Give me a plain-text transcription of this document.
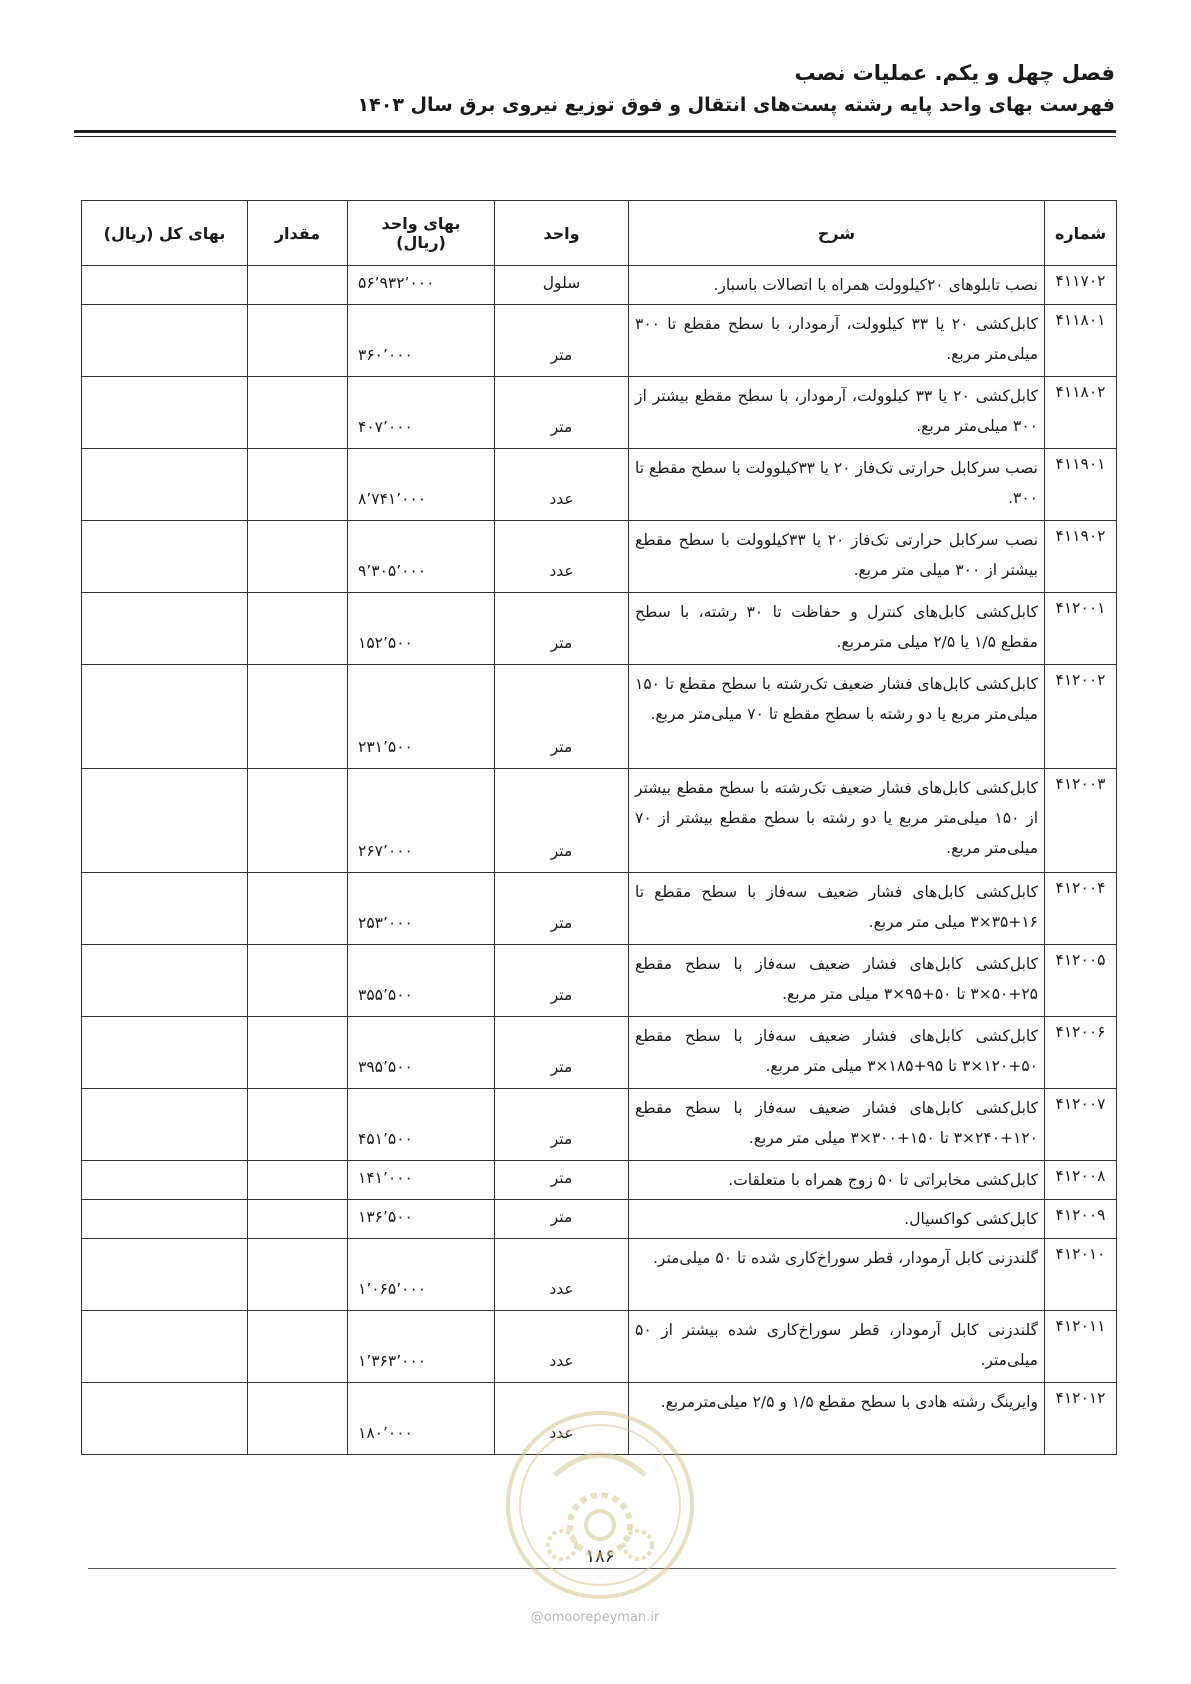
فصل چهل و یکم. عملیات نصب
فهرست بهای واحد پایه رشته پست‌های انتقال و فوق توزیع نیروی برق سال ۱۴۰۳
شماره	شرح	واحد	بهای واحد (ریال)	مقدار	بهای کل (ریال)
۴۱۱۷۰۲	نصب تابلوهای ۲۰کیلوولت همراه با اتصالات باسبار.	سلول	۵۶٬۹۳۲٬۰۰۰		
۴۱۱۸۰۱	کابل‌کشی ۲۰ یا ۳۳ کیلوولت، آرمودار، با سطح مقطع تا ۳۰۰ میلی‌متر مربع.	متر	۳۶۰٬۰۰۰		
۴۱۱۸۰۲	کابل‌کشی ۲۰ یا ۳۳ کیلوولت، آرمودار، با سطح مقطع بیشتر از ۳۰۰ میلی‌متر مربع.	متر	۴۰۷٬۰۰۰		
۴۱۱۹۰۱	نصب سرکابل حرارتی تک‌فاز ۲۰ یا ۳۳کیلوولت با سطح مقطع تا ۳۰۰.	عدد	۸٬۷۴۱٬۰۰۰		
۴۱۱۹۰۲	نصب سرکابل حرارتی تک‌فاز ۲۰ یا ۳۳کیلوولت با سطح مقطع بیشتر از ۳۰۰ میلی متر مربع.	عدد	۹٬۳۰۵٬۰۰۰		
۴۱۲۰۰۱	کابل‌کشی کابل‌های کنترل و حفاظت تا ۳۰ رشته، با سطح مقطع ۱/۵ یا ۲/۵ میلی مترمربع.	متر	۱۵۲٬۵۰۰		
۴۱۲۰۰۲	کابل‌کشی کابل‌های فشار ضعیف تک‌رشته با سطح مقطع تا ۱۵۰ میلی‌متر مربع یا دو رشته با سطح مقطع تا ۷۰ میلی‌متر مربع.	متر	۲۳۱٬۵۰۰		
۴۱۲۰۰۳	کابل‌کشی کابل‌های فشار ضعیف تک‌رشته با سطح مقطع بیشتر از ۱۵۰ میلی‌متر مربع یا دو رشته با سطح مقطع بیشتر از ۷۰ میلی‌متر مربع.	متر	۲۶۷٬۰۰۰		
۴۱۲۰۰۴	کابل‌کشی کابل‌های فشار ضعیف سه‌فاز با سطح مقطع تا ۱۶+۳۵×۳ میلی متر مربع.	متر	۲۵۳٬۰۰۰		
۴۱۲۰۰۵	کابل‌کشی کابل‌های فشار ضعیف سه‌فاز با سطح مقطع ۲۵+۵۰×۳ تا ۵۰+۹۵×۳ میلی متر مربع.	متر	۳۵۵٬۵۰۰		
۴۱۲۰۰۶	کابل‌کشی کابل‌های فشار ضعیف سه‌فاز با سطح مقطع ۵۰+۱۲۰×۳ تا ۹۵+۱۸۵×۳ میلی متر مربع.	متر	۳۹۵٬۵۰۰		
۴۱۲۰۰۷	کابل‌کشی کابل‌های فشار ضعیف سه‌فاز با سطح مقطع ۱۲۰+۲۴۰×۳ تا ۱۵۰+۳۰۰×۳ میلی متر مربع.	متر	۴۵۱٬۵۰۰		
۴۱۲۰۰۸	کابل‌کشی مخابراتی تا ۵۰ زوج همراه با متعلقات.	متر	۱۴۱٬۰۰۰		
۴۱۲۰۰۹	کابل‌کشی کواکسیال.	متر	۱۳۶٬۵۰۰		
۴۱۲۰۱۰	گلندزنی کابل آرمودار، قطر سوراخ‌کاری شده تا ۵۰ میلی‌متر.	عدد	۱٬۰۶۵٬۰۰۰		
۴۱۲۰۱۱	گلندزنی کابل آرمودار، قطر سوراخ‌کاری شده بیشتر از ۵۰ میلی‌متر.	عدد	۱٬۳۶۳٬۰۰۰		
۴۱۲۰۱۲	وایرینگ رشته هادی با سطح مقطع ۱/۵ و ۲/۵ میلی‌مترمربع.	عدد	۱۸۰٬۰۰۰		
۱۸۶
@omoorepeyman.ir
